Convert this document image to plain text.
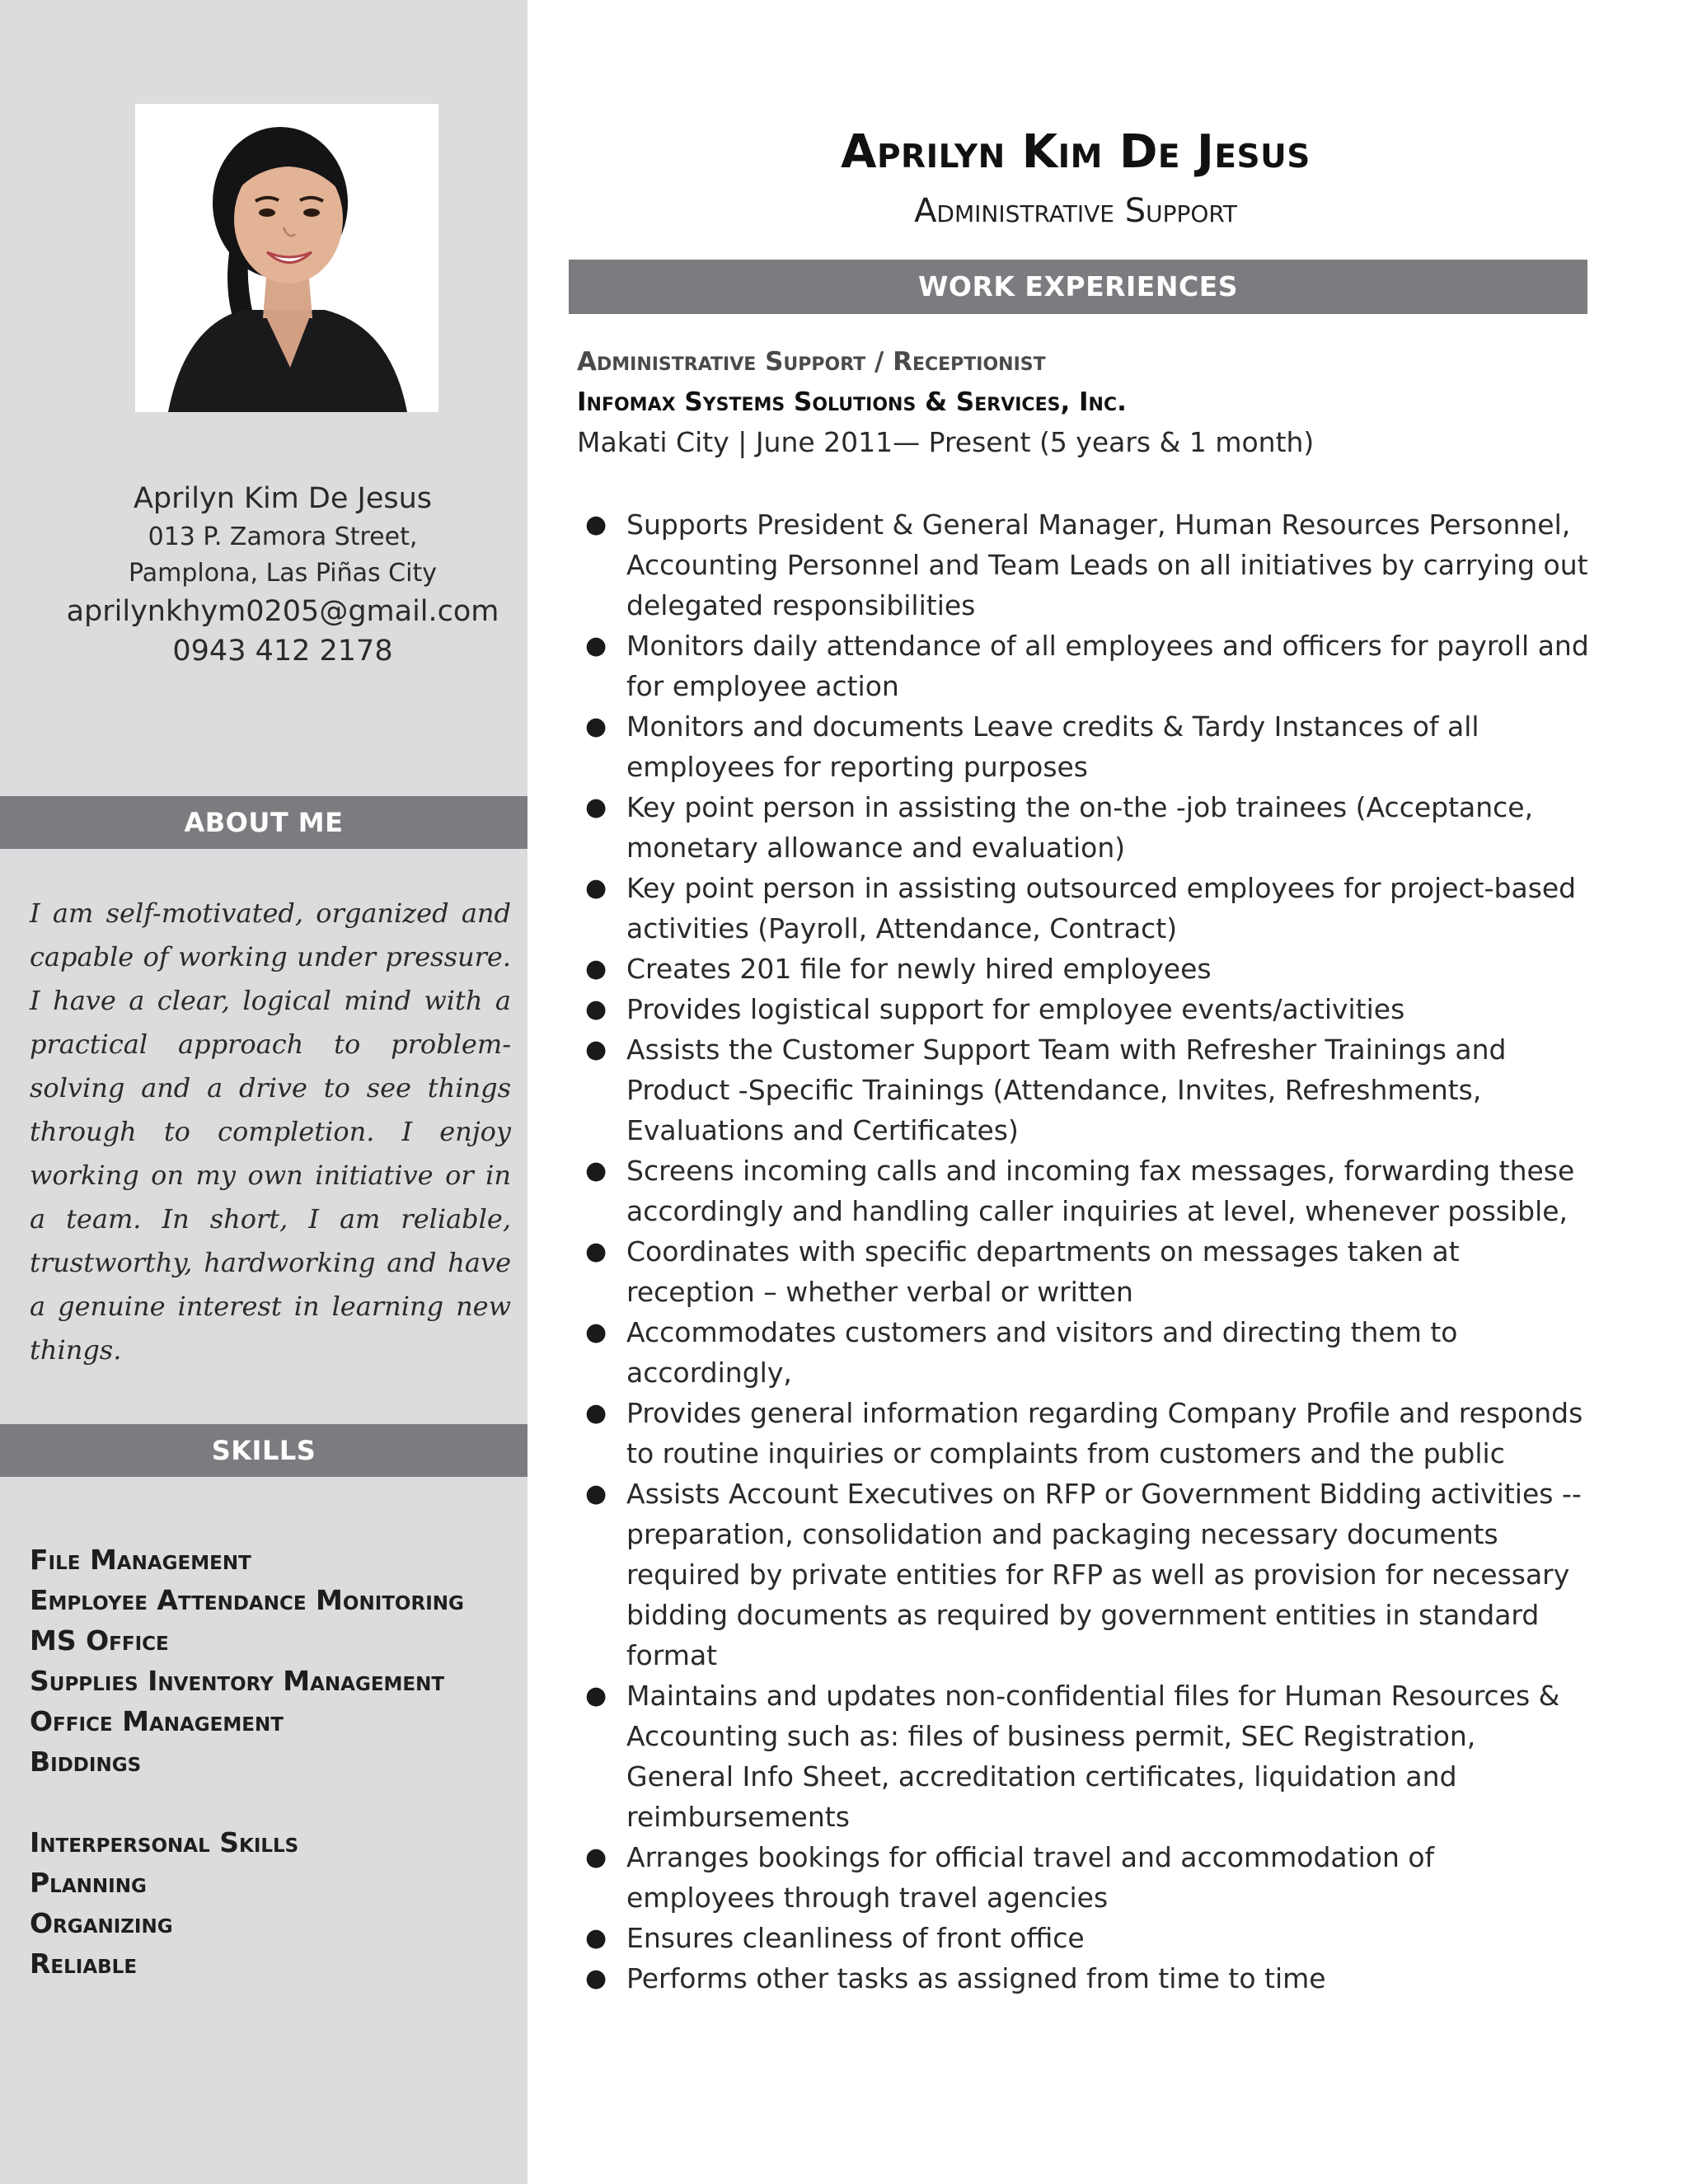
Aprilyn Kim De Jesus
013 P. Zamora Street,
Pamplona, Las Piñas City
aprilynkhym0205@gmail.com
0943 412 2178
ABOUT ME
I am self-motivated, organized and capable of working under pressure. I have a clear, logical mind with a practical approach to problem-solving and a drive to see things through to completion. I enjoy working on my own initiative or in a team. In short, I am reliable, trustworthy, hardworking and have a genuine interest in learning new things.
SKILLS
File Management
Employee Attendance Monitoring
MS Office
Supplies Inventory Management
Office Management
Biddings
Interpersonal Skills
Planning
Organizing
Reliable
Aprilyn Kim De Jesus
Administrative Support
WORK EXPERIENCES
Administrative Support / Receptionist
Infomax Systems Solutions & Services, Inc.
Makati City | June 2011— Present (5 years & 1 month)
● Supports President & General Manager, Human Resources Personnel, Accounting Personnel and Team Leads on all initiatives by carrying out delegated responsibilities
● Monitors daily attendance of all employees and officers for payroll and for employee action
● Monitors and documents Leave credits & Tardy Instances of all employees for reporting purposes
● Key point person in assisting the on-the -job trainees (Acceptance, monetary allowance and evaluation)
● Key point person in assisting outsourced employees for project-based activities (Payroll, Attendance, Contract)
● Creates 201 file for newly hired employees
● Provides logistical support for employee events/activities
● Assists the Customer Support Team with Refresher Trainings and Product -Specific Trainings (Attendance, Invites, Refreshments, Evaluations and Certificates)
● Screens incoming calls and incoming fax messages, forwarding these accordingly and handling caller inquiries at level, whenever possible,
● Coordinates with specific departments on messages taken at reception – whether verbal or written
● Accommodates customers and visitors and directing them to accordingly,
● Provides general information regarding Company Profile and responds to routine inquiries or complaints from customers and the public
● Assists Account Executives on RFP or Government Bidding activities -- preparation, consolidation and packaging necessary documents required by private entities for RFP as well as provision for necessary bidding documents as required by government entities in standard format
● Maintains and updates non-confidential files for Human Resources & Accounting such as: files of business permit, SEC Registration, General Info Sheet, accreditation certificates, liquidation and reimbursements
● Arranges bookings for official travel and accommodation of employees through travel agencies
● Ensures cleanliness of front office
● Performs other tasks as assigned from time to time
